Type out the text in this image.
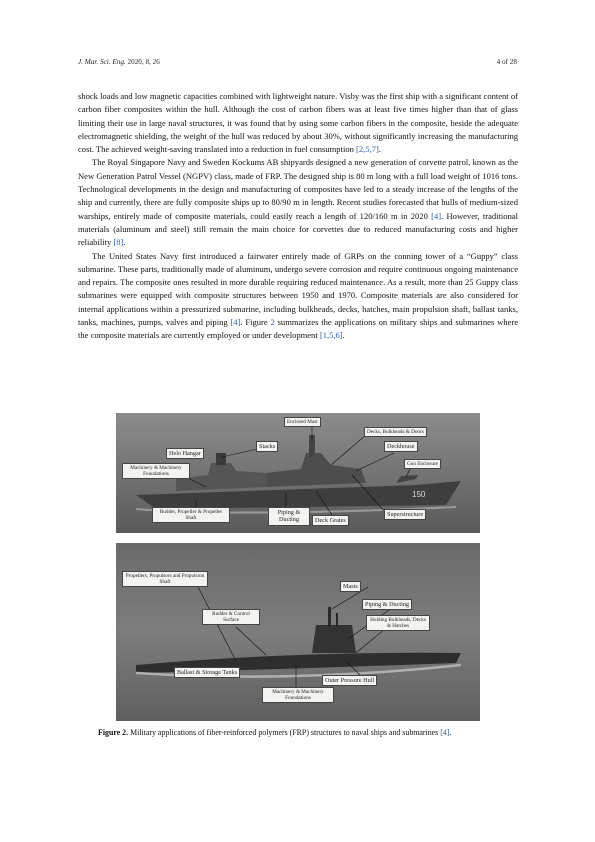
J. Mar. Sci. Eng. 2020, 8, 26	4 of 28

shock loads and low magnetic capacities combined with lightweight nature. Visby was the first ship with a significant content of carbon fiber composites within the hull. Although the cost of carbon fibers was at least five times higher than that of glass limiting their use in large naval structures, it was found that by using some carbon fibers in the composite, beside the adequate electromagnetic shielding, the weight of the hull was reduced by about 30%, without significantly increasing the manufacturing cost. The achieved weight-saving translated into a reduction in fuel consumption [2,5,7].

The Royal Singapore Navy and Sweden Kockums AB shipyards designed a new generation of corvette patrol, known as the New Generation Patrol Vessel (NGPV) class, made of FRP. The designed ship is 80 m long with a full load weight of 1016 tons. Technological developments in the design and manufacturing of composites have led to a steady increase of the lengths of the ship and currently, there are fully composite ships up to 80/90 m in length. Recent studies forecasted that hulls of medium-sized warships, entirely made of composite materials, could easily reach a length of 120/160 m in 2020 [4]. However, traditional materials (aluminum and steel) still remain the main choice for corvettes due to reduced manufacturing costs and higher reliability [8].

The United States Navy first introduced a fairwater entirely made of GRPs on the conning tower of a “Guppy” class submarine. These parts, traditionally made of aluminum, undergo severe corrosion and require continuous ongoing maintenance and repairs. The composite ones resulted in more durable requiring reduced maintenance. As a result, more than 25 Guppy class submarines were equipped with composite structures between 1950 and 1970. Composite materials are also considered for internal applications within a pressurized submarine, including bulkheads, decks, hatches, main propulsion shaft, ballast tanks, tanks, machines, pumps, valves and piping [4]. Figure 2 summarizes the applications on military ships and submarines where the composite materials are currently employed or under development [1,5,6].

150
Enclosed Mast
Decks, Bulkheads & Doors
Helo Hangar
Stacks	Deckhouse
Machinery & Machinery Foundations
Gun Enclosure
Rudder, Propeller & Propeller Shaft
Piping & Ducting	Deck Grates
Superstructure
Propellers, Propulsors and Propulsion Shaft
Masts
Rudder & Control Surface
Piping & Ducting
Holding Bulkheads, Decks & Hatches
Ballast & Storage Tanks
Outer Pressure Hull
Machinery & Machinery Foundations
Figure 2. Military applications of fiber-reinforced polymers (FRP) structures to naval ships and submarines [4].
